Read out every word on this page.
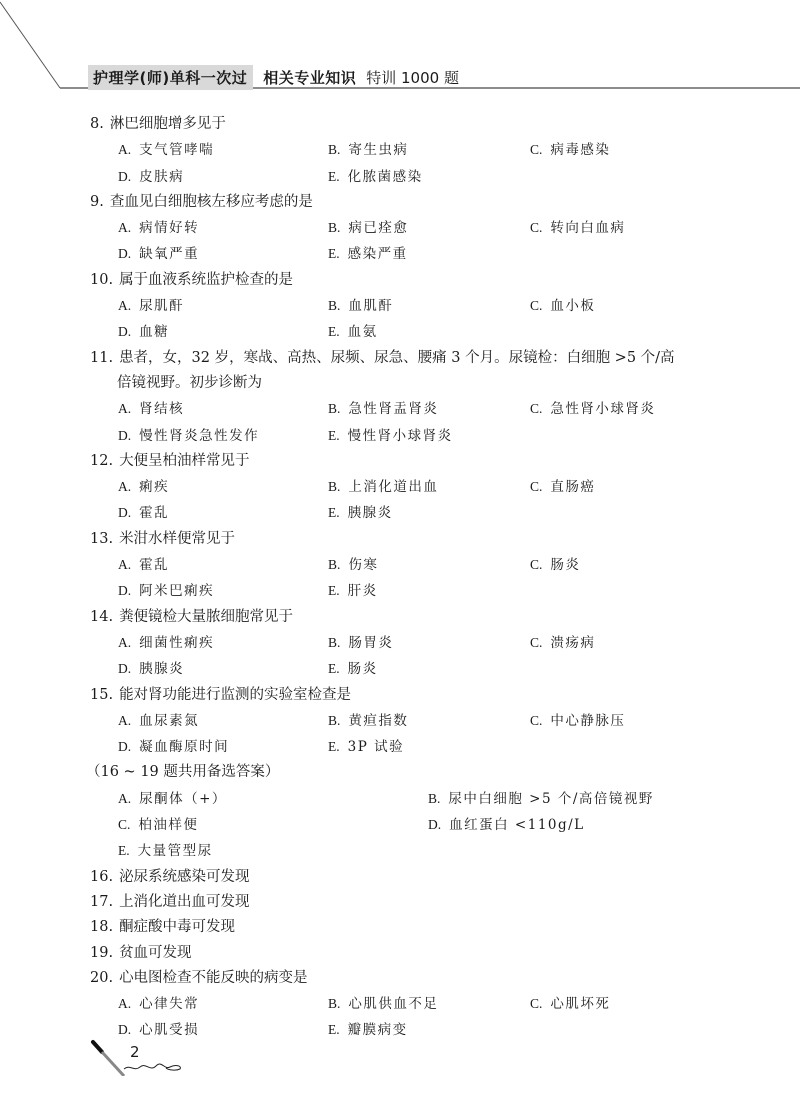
护理学(师)单科一次过	相关专业知识 特训 1000 题
8. 淋巴细胞增多见于
A. 支气管哮喘	B. 寄生虫病	C. 病毒感染
D. 皮肤病	E. 化脓菌感染
9. 查血见白细胞核左移应考虑的是
A. 病情好转	B. 病已痊愈	C. 转向白血病
D. 缺氧严重	E. 感染严重
10. 属于血液系统监护检查的是
A. 尿肌酐	B. 血肌酐	C. 血小板
D. 血糖	E. 血氨
11. 患者，女，32 岁，寒战、高热、尿频、尿急、腰痛 3 个月。尿镜检：白细胞 >5 个/高
倍镜视野。初步诊断为
A. 肾结核	B. 急性肾盂肾炎	C. 急性肾小球肾炎
D. 慢性肾炎急性发作	E. 慢性肾小球肾炎
12. 大便呈柏油样常见于
A. 痢疾	B. 上消化道出血	C. 直肠癌
D. 霍乱	E. 胰腺炎
13. 米泔水样便常见于
A. 霍乱	B. 伤寒	C. 肠炎
D. 阿米巴痢疾	E. 肝炎
14. 粪便镜检大量脓细胞常见于
A. 细菌性痢疾	B. 肠胃炎	C. 溃疡病
D. 胰腺炎	E. 肠炎
15. 能对肾功能进行监测的实验室检查是
A. 血尿素氮	B. 黄疸指数	C. 中心静脉压
D. 凝血酶原时间	E. 3P 试验
（16 ~ 19 题共用备选答案）
A. 尿酮体（+）	B. 尿中白细胞 >5 个/高倍镜视野
C. 柏油样便	D. 血红蛋白 <110g/L
E. 大量管型尿
16. 泌尿系统感染可发现
17. 上消化道出血可发现
18. 酮症酸中毒可发现
19. 贫血可发现
20. 心电图检查不能反映的病变是
A. 心律失常	B. 心肌供血不足	C. 心肌坏死
D. 心肌受损	E. 瓣膜病变
2
